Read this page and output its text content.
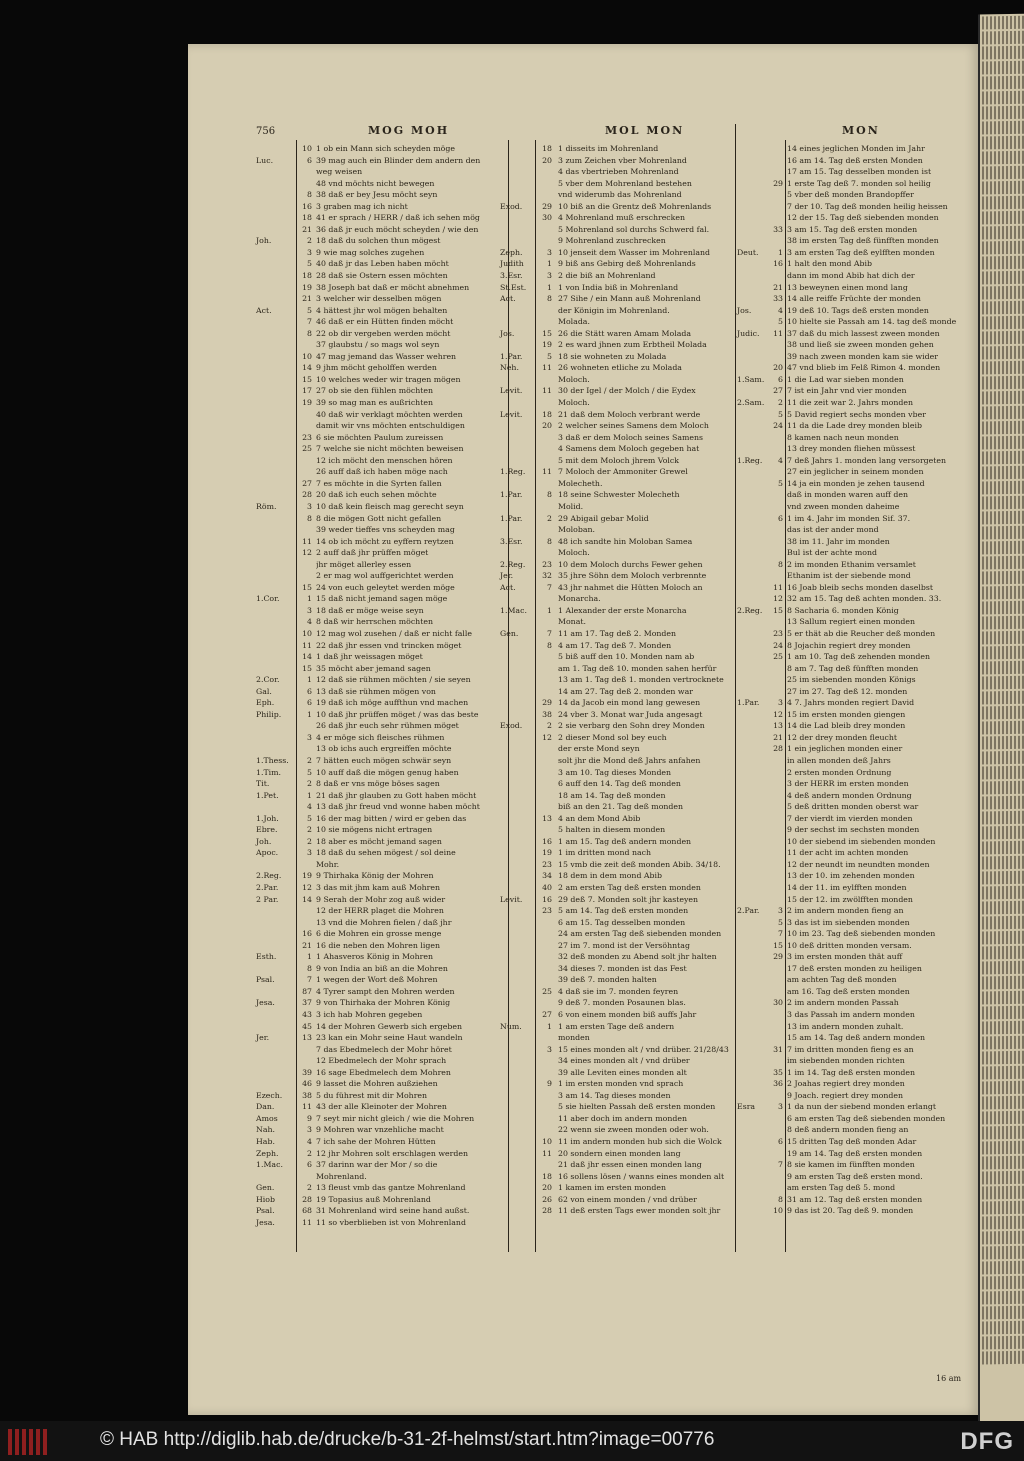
756	MOG MOH	MOL MON	MON
10 1 ob ein Mann sich scheyden möge
Luc.	6 39 mag auch ein Blinder dem andern den
weg weisen
48 vnd möchts nicht bewegen
8 38 daß er bey Jesu möcht seyn
16 3 graben mag ich nicht
18 41 er sprach / HERR / daß ich sehen mög
21 36 daß jr euch möcht scheyden / wie den
Joh.	2 18 daß du solchen thun mögest
3 9 wie mag solches zugehen
5 40 daß jr das Leben haben möcht
18 28 daß sie Ostern essen möchten
19 38 Joseph bat daß er möcht abnehmen
21 3 welcher wir desselben mögen
Act.	5 4 hättest jhr wol mögen behalten
7 46 daß er ein Hütten finden möcht
8 22 ob dir vergeben werden möcht
37 glaubstu / so mags wol seyn
10 47 mag jemand das Wasser wehren
14 9 jhm möcht geholffen werden
15 10 welches weder wir tragen mögen
17 27 ob sie den fühlen möchten
19 39 so mag man es außrichten
40 daß wir verklagt möchten werden
damit wir vns möchten entschuldigen
23 6 sie möchten Paulum zureissen
25 7 welche sie nicht möchten beweisen
12 ich möcht den menschen hören
26 auff daß ich haben möge nach
27 7 es möchte in die Syrten fallen
28 20 daß ich euch sehen möchte
Röm.	3 10 daß kein fleisch mag gerecht seyn
8 8 die mögen Gott nicht gefallen
39 weder tieffes vns scheyden mag
11 14 ob ich möcht zu eyffern reytzen
12 2 auff daß jhr prüffen möget
jhr möget allerley essen
2 er mag wol auffgerichtet werden
15 24 von euch geleytet werden möge
1.Cor.	1 15 daß nicht jemand sagen möge
3 18 daß er möge weise seyn
4 8 daß wir herrschen möchten
10 12 mag wol zusehen / daß er nicht falle
11 22 daß jhr essen vnd trincken möget
14 1 daß jhr weissagen möget
15 35 möcht aber jemand sagen
2.Cor.	1 12 daß sie rühmen möchten / sie seyen
Gal.	6 13 daß sie rühmen mögen von
Eph.	6 19 daß ich möge auffthun vnd machen
Philip.	1 10 daß jhr prüffen möget / was das beste
26 daß jhr euch sehr rühmen möget
3 4 er möge sich fleisches rühmen
13 ob ichs auch ergreiffen möchte
1.Thess.	2 7 hätten euch mögen schwär seyn
1.Tim.	5 10 auff daß die mögen genug haben
Tit.	2 8 daß er vns möge böses sagen
1.Pet.	1 21 daß jhr glauben zu Gott haben möcht
4 13 daß jhr freud vnd wonne haben möcht
1.Joh.	5 16 der mag bitten / wird er geben das
Ebre.	2 10 sie mögens nicht ertragen
Joh.	2 18 aber es möcht jemand sagen
Apoc.	3 18 daß du sehen mögest / sol deine
Mohr.
2.Reg.	19 9 Thirhaka König der Mohren
2.Par.	12 3 das mit jhm kam auß Mohren
2 Par.	14 9 Serah der Mohr zog auß wider
12 der HERR plaget die Mohren
13 vnd die Mohren fielen / daß jhr
16 6 die Mohren ein grosse menge
21 16 die neben den Mohren ligen
Esth.	1 1 Ahasveros König in Mohren
8 9 von India an biß an die Mohren
Psal.	7 1 wegen der Wort deß Mohren
87 4 Tyrer sampt den Mohren werden
Jesa.	37 9 von Thirhaka der Mohren König
43 3 ich hab Mohren gegeben
45 14 der Mohren Gewerb sich ergeben
Jer.	13 23 kan ein Mohr seine Haut wandeln
7 das Ebedmelech der Mohr höret
12 Ebedmelech der Mohr sprach
39 16 sage Ebedmelech dem Mohren
46 9 lasset die Mohren außziehen
Ezech.	38 5 du führest mit dir Mohren
Dan.	11 43 der alle Kleinoter der Mohren
Amos	9 7 seyt mir nicht gleich / wie die Mohren
Nah.	3 9 Mohren war vnzehliche macht
Hab.	4 7 ich sahe der Mohren Hütten
Zeph.	2 12 jhr Mohren solt erschlagen werden
1.Mac.	6 37 darinn war der Mor / so die
Mohrenland.
Gen.	2 13 fleust vmb das gantze Mohrenland
Hiob	28 19 Topasius auß Mohrenland
Psal.	68 31 Mohrenland wird seine hand außst.
Jesa.	11 11 so vberblieben ist von Mohrenland
18 1 disseits im Mohrenland
20 3 zum Zeichen vber Mohrenland
4 das vbertrieben Mohrenland
5 vber dem Mohrenland bestehen
vnd widerumb das Mohrenland
Exod.	29 10 biß an die Grentz deß Mohrenlands
30 4 Mohrenland muß erschrecken
5 Mohrenland sol durchs Schwerd fal.
9 Mohrenland zuschrecken
Zeph.	3 10 jenseit dem Wasser im Mohrenland
Judith	1 9 biß ans Gebirg deß Mohrenlands
3.Esr.	3 2 die biß an Mohrenland
St.Est.	1 1 von India biß in Mohrenland
Act.	8 27 Sihe / ein Mann auß Mohrenland
der Königin im Mohrenland.
Molada.
Jos.	15 26 die Stätt waren Amam Molada
19 2 es ward jhnen zum Erbtheil Molada
1.Par.	5 18 sie wohneten zu Molada
Neh.	11 26 wohneten etliche zu Molada
Moloch.
Levit.	11 30 der Igel / der Molch / die Eydex
Moloch.
Levit.	18 21 daß dem Moloch verbrant werde
20 2 welcher seines Samens dem Moloch
3 daß er dem Moloch seines Samens
4 Samens dem Moloch gegeben hat
5 mit dem Moloch jhrem Volck
1.Reg.	11 7 Moloch der Ammoniter Grewel
Molecheth.
1.Par.	8 18 seine Schwester Molecheth
Molid.
1.Par.	2 29 Abigail gebar Molid
Moloban.
3.Esr.	8 48 ich sandte hin Moloban Samea
Moloch.
2.Reg.	23 10 dem Moloch durchs Fewer gehen
Jer.	32 35 jhre Söhn dem Moloch verbrennte
Act.	7 43 jhr nahmet die Hütten Moloch an
Monarcha.
1.Mac.	1 1 Alexander der erste Monarcha
Monat.
Gen.	7 11 am 17. Tag deß 2. Monden
8 4 am 17. Tag deß 7. Monden
5 biß auff den 10. Monden nam ab
am 1. Tag deß 10. monden sahen herfür
13 am 1. Tag deß 1. monden vertrocknete
14 am 27. Tag deß 2. monden war
29 14 da Jacob ein mond lang gewesen
38 24 vber 3. Monat war Juda angesagt
Exod.	2 2 sie verbarg den Sohn drey Monden
12 2 dieser Mond sol bey euch
der erste Mond seyn
solt jhr die Mond deß Jahrs anfahen
3 am 10. Tag dieses Monden
6 auff den 14. Tag deß monden
18 am 14. Tag deß monden
biß an den 21. Tag deß monden
13 4 an dem Mond Abib
5 halten in diesem monden
16 1 am 15. Tag deß andern monden
19 1 im dritten mond nach
23 15 vmb die zeit deß monden Abib. 34/18.
34 18 dem in dem mond Abib
40 2 am ersten Tag deß ersten monden
Levit.	16 29 deß 7. Monden solt jhr kasteyen
23 5 am 14. Tag deß ersten monden
6 am 15. Tag desselben monden
24 am ersten Tag deß siebenden monden
27 im 7. mond ist der Versöhntag
32 deß monden zu Abend solt jhr halten
34 dieses 7. monden ist das Fest
39 deß 7. monden halten
25 4 daß sie im 7. monden feyren
9 deß 7. monden Posaunen blas.
27 6 von einem monden biß auffs Jahr
Num.	1 1 am ersten Tage deß andern
monden
3 15 eines monden alt / vnd drüber. 21/28/43
34 eines monden alt / vnd drüber
39 alle Leviten eines monden alt
9 1 im ersten monden vnd sprach
3 am 14. Tag dieses monden
5 sie hielten Passah deß ersten monden
11 aber doch im andern monden
22 wenn sie zween monden oder woh.
10 11 im andern monden hub sich die Wolck
11 20 sondern einen monden lang
21 daß jhr essen einen monden lang
18 16 sollens lösen / wanns eines monden alt
20 1 kamen im ersten monden
26 62 von einem monden / vnd drüber
28 11 deß ersten Tags ewer monden solt jhr
14 eines jeglichen Monden im Jahr
16 am 14. Tag deß ersten Monden
17 am 15. Tag desselben monden ist
29 1 erste Tag deß 7. monden sol heilig
5 vber deß monden Brandopffer
7 der 10. Tag deß monden heilig heissen
12 der 15. Tag deß siebenden monden
33 3 am 15. Tag deß ersten monden
38 im ersten Tag deß fünfften monden
Deut.	1 3 am ersten Tag deß eylfften monden
16 1 halt den mond Abib
dann im mond Abib hat dich der
21 13 beweynen einen mond lang
33 14 alle reiffe Früchte der monden
Jos.	4 19 deß 10. Tags deß ersten monden
5 10 hielte sie Passah am 14. tag deß monde
Judic.	11 37 daß du mich lassest zween monden
38 und ließ sie zween monden gehen
39 nach zween monden kam sie wider
20 47 vnd blieb im Felß Rimon 4. monden
1.Sam.	6 1 die Lad war sieben monden
27 7 ist ein Jahr vnd vier monden
2.Sam.	2 11 die zeit war 2. Jahrs monden
5 5 David regiert sechs monden vber
24 11 da die Lade drey monden bleib
8 kamen nach neun monden
13 drey monden fliehen müssest
1.Reg.	4 7 deß Jahrs 1. monden lang versorgeten
27 ein jeglicher in seinem monden
5 14 ja ein monden je zehen tausend
daß in monden waren auff den
vnd zween monden daheime
6 1 im 4. Jahr im monden Sif. 37.
das ist der ander mond
38 im 11. Jahr im monden
Bul ist der achte mond
8 2 im monden Ethanim versamlet
Ethanim ist der siebende mond
11 16 Joab bleib sechs monden daselbst
12 32 am 15. Tag deß achten monden. 33.
2.Reg.	15 8 Sacharia 6. monden König
13 Sallum regiert einen monden
23 5 er thät ab die Reucher deß monden
24 8 Jojachin regiert drey monden
25 1 am 10. Tag deß zehenden monden
8 am 7. Tag deß fünfften monden
25 im siebenden monden Königs
27 im 27. Tag deß 12. monden
1.Par.	3 4 7. Jahrs monden regiert David
12 15 im ersten monden giengen
13 14 die Lad bleib drey monden
21 12 der drey monden fleucht
28 1 ein jeglichen monden einer
in allen monden deß Jahrs
2 ersten monden Ordnung
3 der HERR im ersten monden
4 deß andern monden Ordnung
5 deß dritten monden oberst war
7 der vierdt im vierden monden
9 der sechst im sechsten monden
10 der siebend im siebenden monden
11 der acht im achten monden
12 der neundt im neundten monden
13 der 10. im zehenden monden
14 der 11. im eylfften monden
15 der 12. im zwölfften monden
2.Par.	3 2 im andern monden fieng an
5 3 das ist im siebenden monden
7 10 im 23. Tag deß siebenden monden
15 10 deß dritten monden versam.
29 3 im ersten monden thät auff
17 deß ersten monden zu heiligen
am achten Tag deß monden
am 16. Tag deß ersten monden
30 2 im andern monden Passah
3 das Passah im andern monden
13 im andern monden zuhalt.
15 am 14. Tag deß andern monden
31 7 im dritten monden fieng es an
im siebenden monden richten
35 1 im 14. Tag deß ersten monden
36 2 Joahas regiert drey monden
9 Joach. regiert drey monden
Esra	3 1 da nun der siebend monden erlangt
6 am ersten Tag deß siebenden monden
8 deß andern monden fieng an
6 15 dritten Tag deß monden Adar
19 am 14. Tag deß ersten monden
7 8 sie kamen im fünfften monden
9 am ersten Tag deß ersten mond.
am ersten Tag deß 5. mond
8 31 am 12. Tag deß ersten monden
10 9 das ist 20. Tag deß 9. monden
16 am
© HAB http://diglib.hab.de/drucke/b-31-2f-helmst/start.htm?image=00776	DFG
